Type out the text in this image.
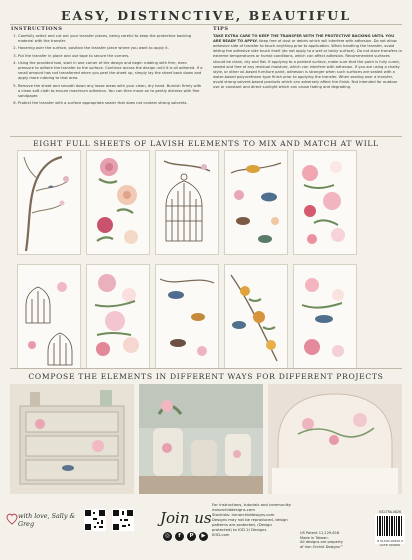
EASY, DISTINCTIVE, BEAUTIFUL
INSTRUCTIONS
1. Carefully select and cut out your transfer pieces, being careful to keep the protective backing material with the transfer.
2. Hovering over the surface, position the transfer piece where you want to apply it.
3. Put the transfer in place and use tape to secure the corners.
4. Using the provided tool, start in one corner of the design and begin rubbing with firm, even pressure to adhere the transfer to the surface. Continue across the design until it is all adhered. If a small amount has not transferred when you peel the sheet up, simply lay the sheet back down and apply more rubbing to that area.
5. Remove the sheet and smooth down any loose areas with your clean, dry hand. Burnish firmly with a clean soft cloth to ensure maximum adhesion. You can then move on to gently distress with fine sandpaper.
6. Protect the transfer with a surface appropriate sealer that does not contain strong solvents.
TIPS
TAKE EXTRA CARE TO KEEP THE TRANSFER WITH THE PROTECTIVE BACKING UNTIL YOU ARE READY TO APPLY. Keep free of dust or debris which will interfere with adhesion. Do not allow adhesive side of transfer to touch anything prior to application. When handling the transfer, avoid letting the adhesive side touch itself (do not apply to a wet or tacky surface). Do not store transfers in extreme temperatures or humid conditions, which can affect adhesion. Recommended surfaces should be clean, dry and flat. If applying to a painted surface, make sure that the paint is fully cured, sealed and free of any residual moisture, which can interfere with adhesion. If you are using a chalky style, or other oil-based furniture paint, adhesion is stronger when such surfaces are sealed with a water-based polyurethane type finish prior to applying the transfer. When sealing over a transfer, avoid strong solvent-based products which can adversely affect the finish. Not intended for outdoor use or constant and direct sunlight which can cause fading and degrading.
EIGHT FULL SHEETS OF LAVISH ELEMENTS TO MIX AND MATCH AT WILL
COMPOSE THE ELEMENTS IN DIFFERENT WAYS FOR DIFFERENT PROJECTS
with love, Sally & Greg	Join us
◎	f	P	▶
For instructions, tutorials and community:
ironorchiddesigns.com
Stockists: ironorchiddesigns.com
Designs may not be reproduced, design
patterns are protected, (Design
protected) to IOD 2/ Designs
IIOD.com	US Patent 11,129,616
Made in Taiwan.
All designs are property
of Iron Orchid Designs™
IOD-TRA-0826
8 51500 00826 9
LOT# 000000
